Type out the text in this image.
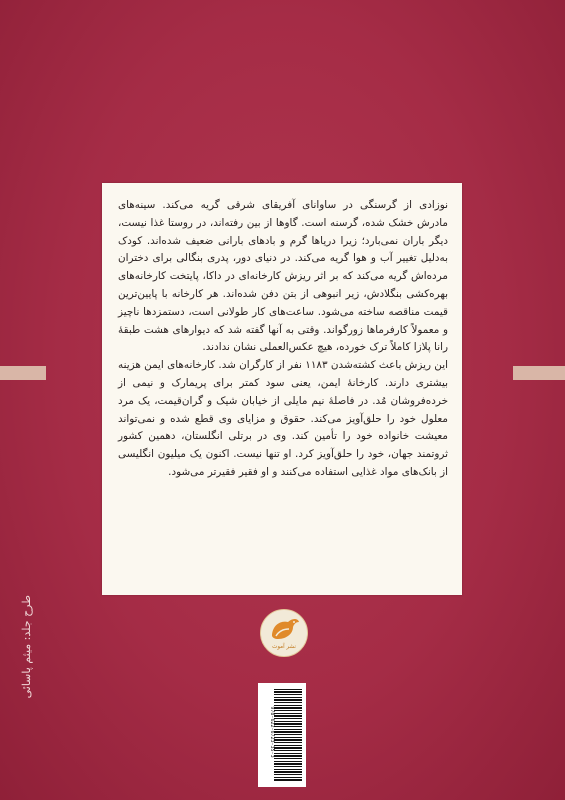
نوزادی از گرسنگی در ساوانای آفریقای شرقی گریه می‌کند. سینه‌های مادرش خشک شده، گرسنه است. گاوها از بین رفته‌اند، در روستا غذا نیست، دیگر باران نمی‌بارد؛ زیرا دریاها گرم و بادهای بارانی ضعیف شده‌اند. کودک به‌دلیل تغییر آب و هوا گریه می‌کند. در دنیای دور، پدری بنگالی برای دختران مرده‌اش گریه می‌کند که بر اثر ریزش کارخانه‌ای در داکا، پایتخت کارخانه‌های بهره‌کشی بنگلادش، زیر انبوهی از بتن دفن شده‌اند. هر کارخانه با پایین‌ترین قیمت مناقصه ساخته می‌شود. ساعت‌های کار طولانی است، دستمزدها ناچیز و معمولاً کارفرماها زورگواند. وقتی به آنها گفته شد که دیوارهای هشت طبقهٔ رانا پلازا کاملاً ترک خورده، هیچ عکس‌العملی نشان ندادند.

این ریزش باعث کشته‌شدن ۱۱۸۳ نفر از کارگران شد. کارخانه‌های ایمن هزینه بیشتری دارند. کارخانهٔ ایمن، یعنی سود کمتر برای پریمارک و نیمی از خرده‌فروشان مُد. در فاصلهٔ نیم مایلی از خیابان شیک و گران‌قیمت، یک مرد معلول خود را حلق‌آویز می‌کند. حقوق و مزایای وی قطع شده و نمی‌تواند معیشت خانواده خود را تأمین کند. وی در برتلی انگلستان، دهمین کشور ثروتمند جهان، خود را حلق‌آویز کرد. او تنها نیست. اکنون یک میلیون انگلیسی از بانک‌های مواد غذایی استفاده می‌کنند و او فقیر فقیرتر می‌شود.

نشر آموت
978-622-6723-35-3
طرح جلد: میثم پاسائی
